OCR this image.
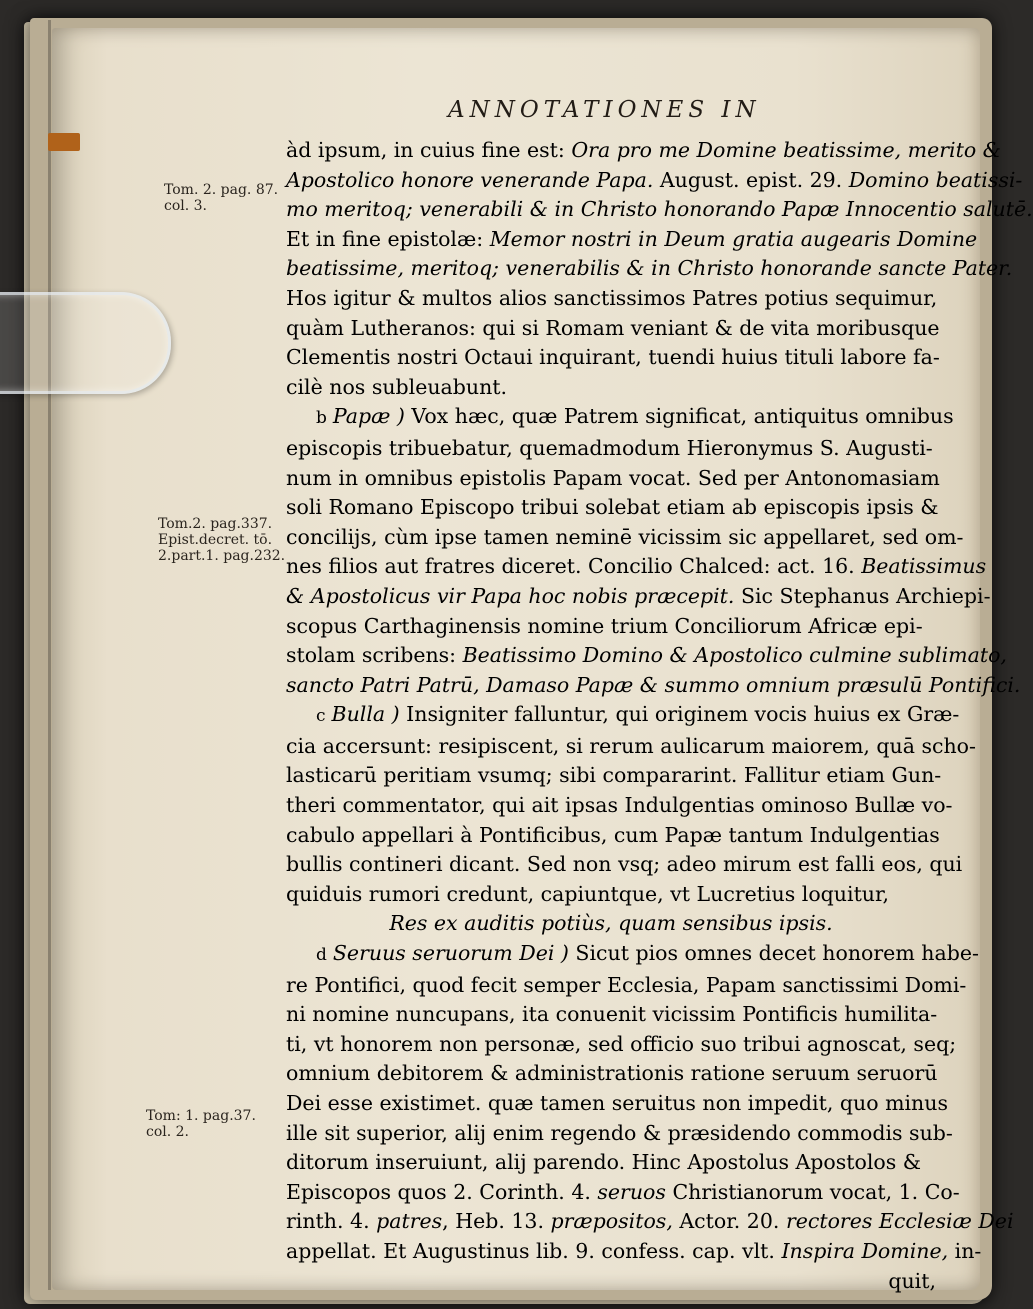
ANNOTATIONES IN
Tom. 2. pag. 87.
col. 3.
Tom.2. pag.337.
Epist.decret. tō.
2.part.1. pag.232.
Tom: 1. pag.37.
col. 2.
àd ipsum, in cuius fine est: Ora pro me Domine beatissime, merito &
Apostolico honore venerande Papa. August. epist. 29. Domino beatissi-
mo meritoq; venerabili & in Christo honorando Papæ Innocentio salutē.
Et in fine epistolæ: Memor nostri in Deum gratia augearis Domine
beatissime, meritoq; venerabilis & in Christo honorande sancte Pater.
Hos igitur & multos alios sanctissimos Patres potius sequimur,
quàm Lutheranos: qui si Romam veniant & de vita moribusque
Clementis nostri Octaui inquirant, tuendi huius tituli labore fa-
cilè nos subleuabunt.
b Papæ ) Vox hæc, quæ Patrem significat, antiquitus omnibus
episcopis tribuebatur, quemadmodum Hieronymus S. Augusti-
num in omnibus epistolis Papam vocat. Sed per Antonomasiam
soli Romano Episcopo tribui solebat etiam ab episcopis ipsis &
concilijs, cùm ipse tamen neminē vicissim sic appellaret, sed om-
nes filios aut fratres diceret. Concilio Chalced: act. 16. Beatissimus
& Apostolicus vir Papa hoc nobis præcepit. Sic Stephanus Archiepi-
scopus Carthaginensis nomine trium Conciliorum Africæ epi-
stolam scribens: Beatissimo Domino & Apostolico culmine sublimato,
sancto Patri Patrū, Damaso Papæ & summo omnium præsulū Pontifici.
c Bulla ) Insigniter falluntur, qui originem vocis huius ex Græ-
cia accersunt: resipiscent, si rerum aulicarum maiorem, quā scho-
lasticarū peritiam vsumq; sibi compararint. Fallitur etiam Gun-
theri commentator, qui ait ipsas Indulgentias ominoso Bullæ vo-
cabulo appellari à Pontificibus, cum Papæ tantum Indulgentias
bullis contineri dicant. Sed non vsq; adeo mirum est falli eos, qui
quiduis rumori credunt, capiuntque, vt Lucretius loquitur,
Res ex auditis potiùs, quam sensibus ipsis.
d Seruus seruorum Dei ) Sicut pios omnes decet honorem habe-
re Pontifici, quod fecit semper Ecclesia, Papam sanctissimi Domi-
ni nomine nuncupans, ita conuenit vicissim Pontificis humilita-
ti, vt honorem non personæ, sed officio suo tribui agnoscat, seq;
omnium debitorem & administrationis ratione seruum seruorū
Dei esse existimet. quæ tamen seruitus non impedit, quo minus
ille sit superior, alij enim regendo & præsidendo commodis sub-
ditorum inseruiunt, alij parendo. Hinc Apostolus Apostolos &
Episcopos quos 2. Corinth. 4. seruos Christianorum vocat, 1. Co-
rinth. 4. patres, Heb. 13. præpositos, Actor. 20. rectores Ecclesiæ Dei
appellat. Et Augustinus lib. 9. confess. cap. vlt. Inspira Domine, in-
quit,
